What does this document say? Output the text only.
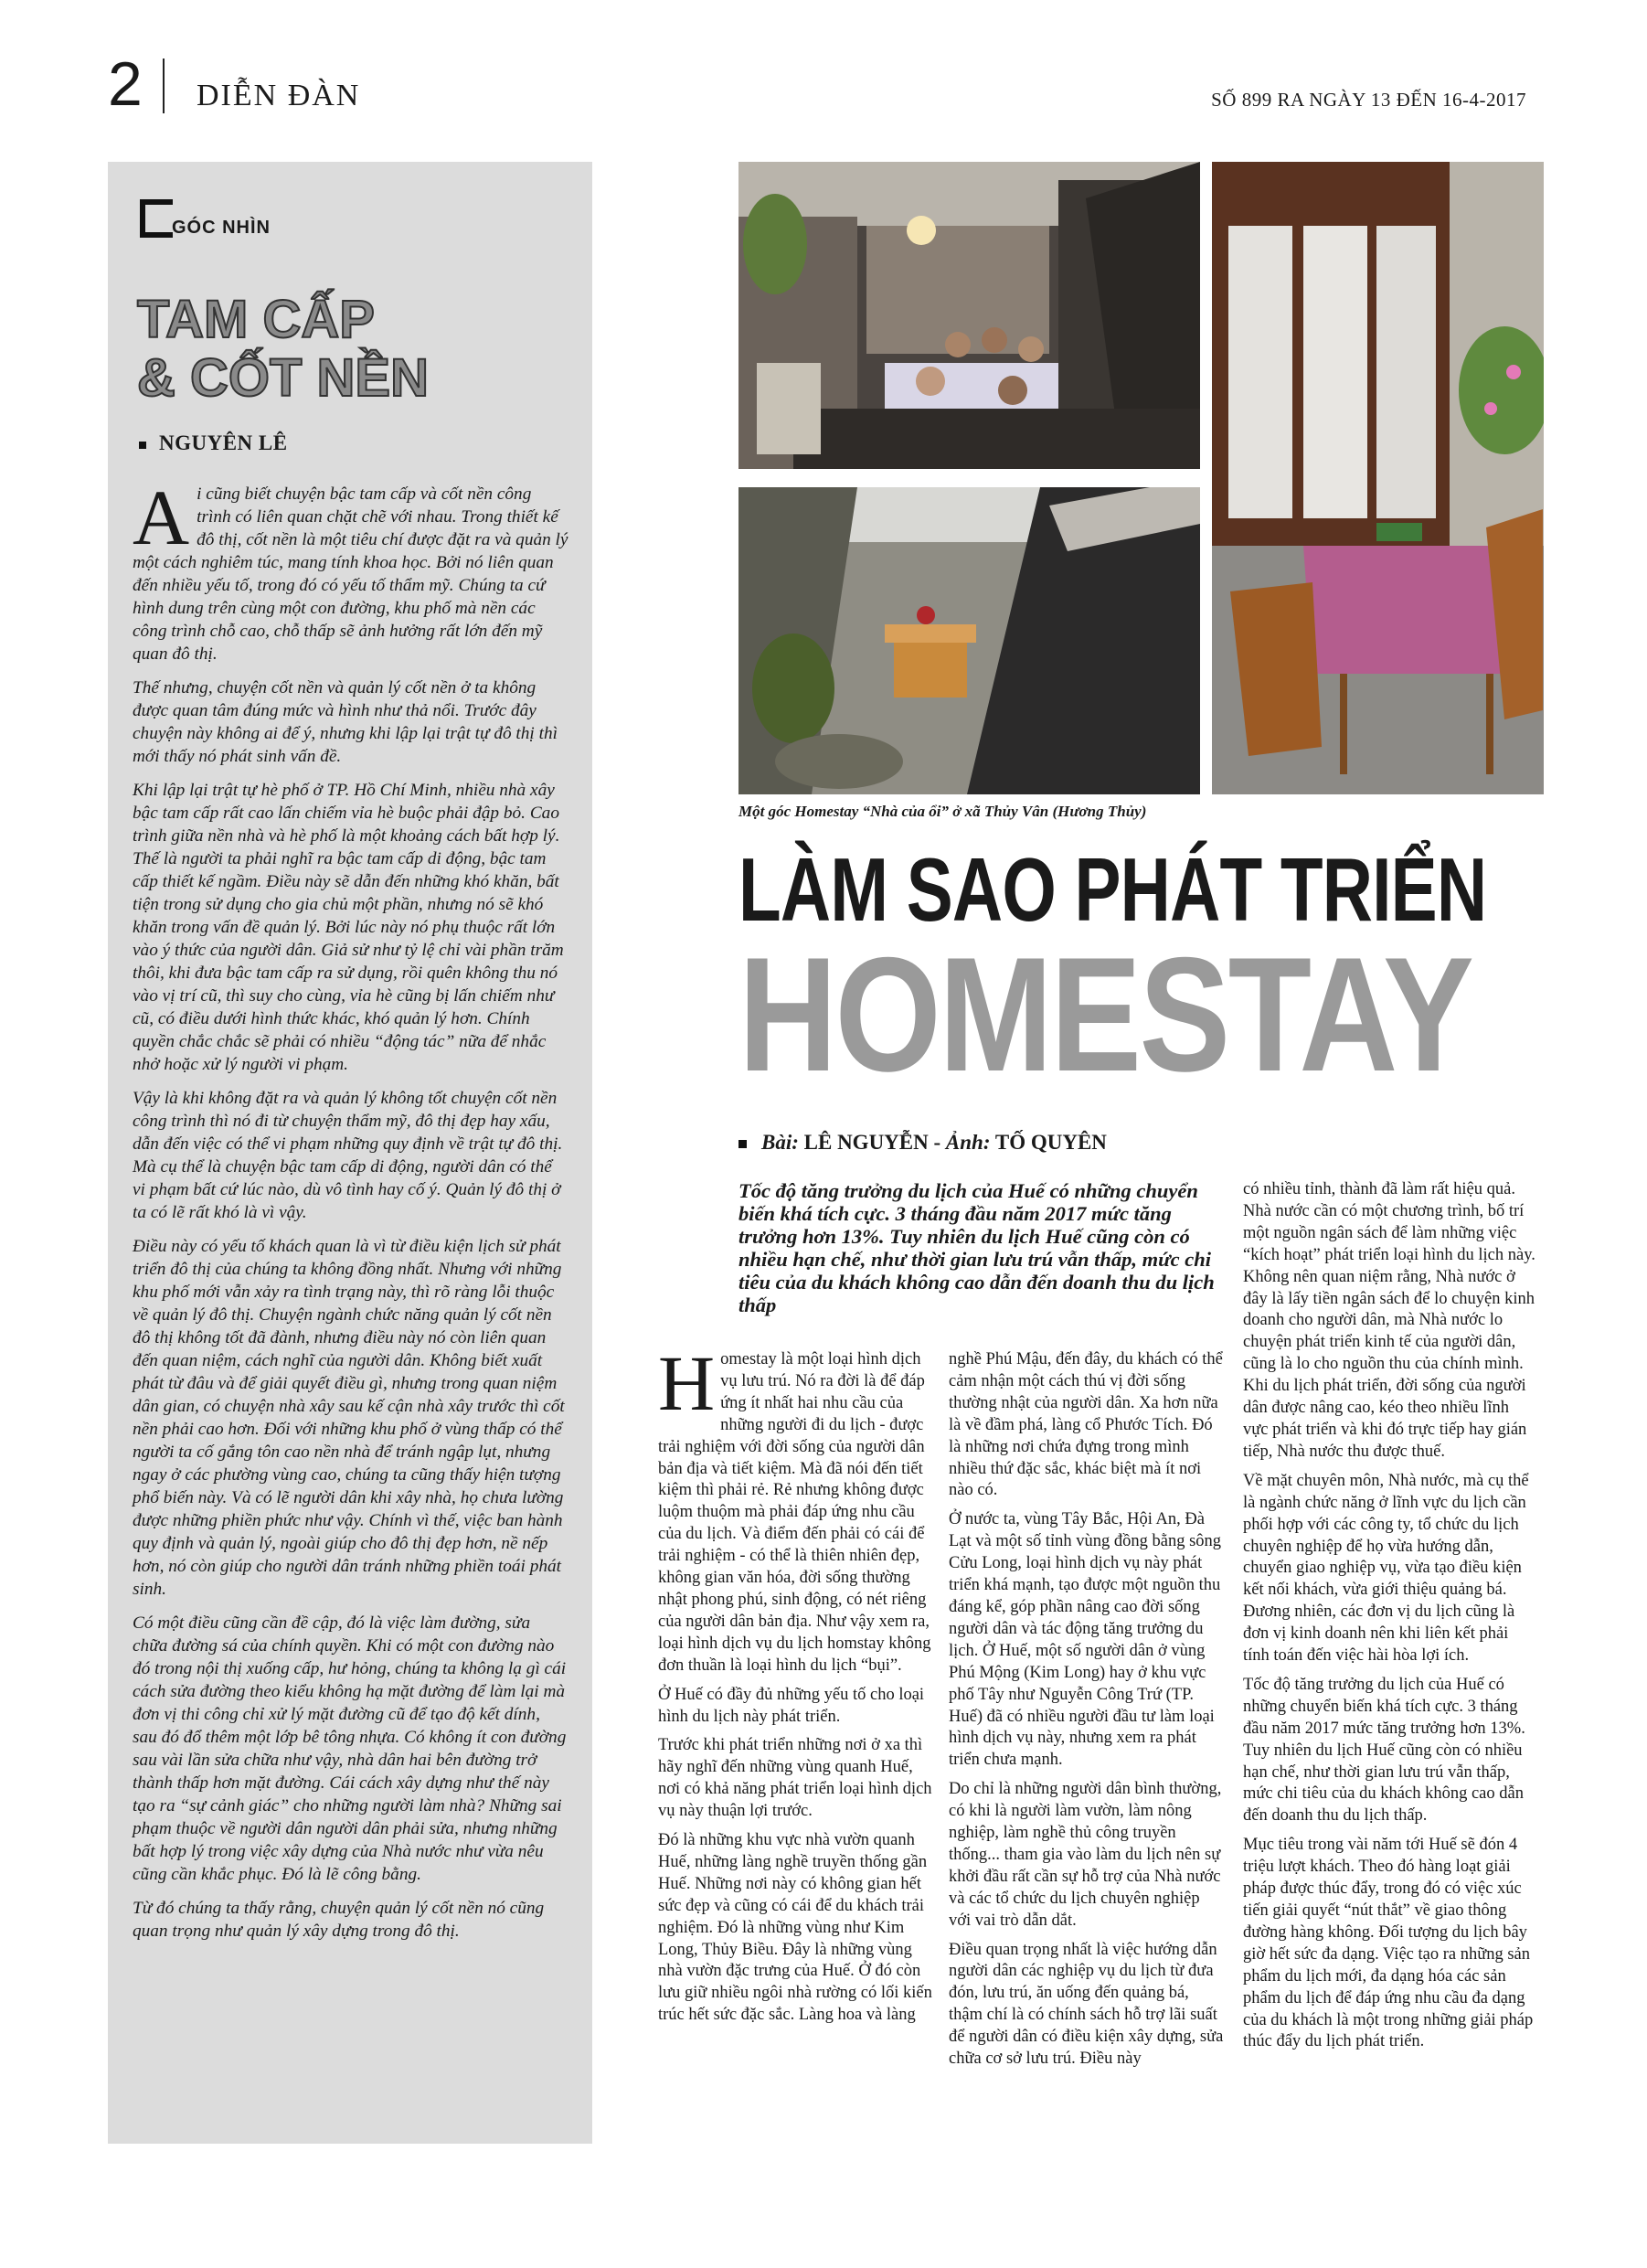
2 DIỄN ĐÀN	SỐ 899 RA NGÀY 13 ĐẾN 16-4-2017
GÓC NHÌN
TAM CẤP
& CỐT NỀN
NGUYÊN LÊ

Ai cũng biết chuyện bậc tam cấp và cốt nền công trình có liên quan chặt chẽ với nhau. Trong thiết kế đô thị, cốt nền là một tiêu chí được đặt ra và quản lý một cách nghiêm túc, mang tính khoa học. Bởi nó liên quan đến nhiều yếu tố, trong đó có yếu tố thẩm mỹ. Chúng ta cứ hình dung trên cùng một con đường, khu phố mà nền các công trình chỗ cao, chỗ thấp sẽ ảnh hưởng rất lớn đến mỹ quan đô thị.

Thế nhưng, chuyện cốt nền và quản lý cốt nền ở ta không được quan tâm đúng mức và hình như thả nổi. Trước đây chuyện này không ai để ý, nhưng khi lập lại trật tự đô thị thì mới thấy nó phát sinh vấn đề.

Khi lập lại trật tự hè phố ở TP. Hồ Chí Minh, nhiều nhà xây bậc tam cấp rất cao lấn chiếm vỉa hè buộc phải đập bỏ. Cao trình giữa nền nhà và hè phố là một khoảng cách bất hợp lý. Thế là người ta phải nghĩ ra bậc tam cấp di động, bậc tam cấp thiết kế ngầm. Điều này sẽ dẫn đến những khó khăn, bất tiện trong sử dụng cho gia chủ một phần, nhưng nó sẽ khó khăn trong vấn đề quản lý. Bởi lúc này nó phụ thuộc rất lớn vào ý thức của người dân. Giả sử như tỷ lệ chỉ vài phần trăm thôi, khi đưa bậc tam cấp ra sử dụng, rồi quên không thu nó vào vị trí cũ, thì suy cho cùng, vỉa hè cũng bị lấn chiếm như cũ, có điều dưới hình thức khác, khó quản lý hơn. Chính quyền chắc chắc sẽ phải có nhiều “động tác” nữa để nhắc nhở hoặc xử lý người vi phạm.

Vậy là khi không đặt ra và quản lý không tốt chuyện cốt nền công trình thì nó đi từ chuyện thẩm mỹ, đô thị đẹp hay xấu, dẫn đến việc có thể vi phạm những quy định về trật tự đô thị. Mà cụ thể là chuyện bậc tam cấp di động, người dân có thể vi phạm bất cứ lúc nào, dù vô tình hay cố ý. Quản lý đô thị ở ta có lẽ rất khó là vì vậy.

Điều này có yếu tố khách quan là vì từ điều kiện lịch sử phát triển đô thị của chúng ta không đồng nhất. Nhưng với những khu phố mới vẫn xảy ra tình trạng này, thì rõ ràng lỗi thuộc về quản lý đô thị. Chuyện ngành chức năng quản lý cốt nền đô thị không tốt đã đành, nhưng điều này nó còn liên quan đến quan niệm, cách nghĩ của người dân. Không biết xuất phát từ đâu và để giải quyết điều gì, nhưng trong quan niệm dân gian, có chuyện nhà xây sau kế cận nhà xây trước thì cốt nền phải cao hơn. Đối với những khu phố ở vùng thấp có thể người ta cố gắng tôn cao nền nhà để tránh ngập lụt, nhưng ngay ở các phường vùng cao, chúng ta cũng thấy hiện tượng phổ biến này. Và có lẽ người dân khi xây nhà, họ chưa lường được những phiền phức như vậy. Chính vì thế, việc ban hành quy định và quản lý, ngoài giúp cho đô thị đẹp hơn, nề nếp hơn, nó còn giúp cho người dân tránh những phiền toái phát sinh.

Có một điều cũng cần đề cập, đó là việc làm đường, sửa chữa đường sá của chính quyền. Khi có một con đường nào đó trong nội thị xuống cấp, hư hỏng, chúng ta không lạ gì cái cách sửa đường theo kiểu không hạ mặt đường để làm lại mà đơn vị thi công chỉ xử lý mặt đường cũ để tạo độ kết dính, sau đó đổ thêm một lớp bê tông nhựa. Có không ít con đường sau vài lần sửa chữa như vậy, nhà dân hai bên đường trở thành thấp hơn mặt đường. Cái cách xây dựng như thế này tạo ra “sự cảnh giác” cho những người làm nhà? Những sai phạm thuộc về người dân người dân phải sửa, nhưng những bất hợp lý trong việc xây dựng của Nhà nước như vừa nêu cũng cần khắc phục. Đó là lẽ công bằng.

Từ đó chúng ta thấy rằng, chuyện quản lý cốt nền nó cũng quan trọng như quản lý xây dựng trong đô thị.

Một góc Homestay “Nhà của ổi” ở xã Thủy Vân (Hương Thủy)
LÀM SAO PHÁT TRIỂN
HOMESTAY
Bài: LÊ NGUYỄN - Ảnh: TỐ QUYÊN
Tốc độ tăng trưởng du lịch của Huế có những chuyển biến khá tích cực. 3 tháng đầu năm 2017 mức tăng trưởng hơn 13%. Tuy nhiên du lịch Huế cũng còn có nhiều hạn chế, như thời gian lưu trú vẫn thấp, mức chi tiêu của du khách không cao dẫn đến doanh thu du lịch thấp

Homestay là một loại hình dịch vụ lưu trú. Nó ra đời là để đáp ứng ít nhất hai nhu cầu của những người đi du lịch - được trải nghiệm với đời sống của người dân bản địa và tiết kiệm. Mà đã nói đến tiết kiệm thì phải rẻ. Rẻ nhưng không được luộm thuộm mà phải đáp ứng nhu cầu của du lịch. Và điểm đến phải có cái để trải nghiệm - có thể là thiên nhiên đẹp, không gian văn hóa, đời sống thường nhật phong phú, sinh động, có nét riêng của người dân bản địa. Như vậy xem ra, loại hình dịch vụ du lịch homstay không đơn thuần là loại hình du lịch “bụi”.

Ở Huế có đầy đủ những yếu tố cho loại hình du lịch này phát triển.

Trước khi phát triển những nơi ở xa thì hãy nghĩ đến những vùng quanh Huế, nơi có khả năng phát triển loại hình dịch vụ này thuận lợi trước.

Đó là những khu vực nhà vườn quanh Huế, những làng nghề truyền thống gần Huế. Những nơi này có không gian hết sức đẹp và cũng có cái để du khách trải nghiệm. Đó là những vùng như Kim Long, Thủy Biều. Đây là những vùng nhà vườn đặc trưng của Huế. Ở đó còn lưu giữ nhiều ngôi nhà rường có lối kiến trúc hết sức đặc sắc. Làng hoa và làng

nghề Phú Mậu, đến đây, du khách có thể cảm nhận một cách thú vị đời sống thường nhật của người dân. Xa hơn nữa là về đầm phá, làng cổ Phước Tích. Đó là những nơi chứa đựng trong mình nhiều thứ đặc sắc, khác biệt mà ít nơi nào có.

Ở nước ta, vùng Tây Bắc, Hội An, Đà Lạt và một số tỉnh vùng đồng bằng sông Cửu Long, loại hình dịch vụ này phát triển khá mạnh, tạo được một nguồn thu đáng kể, góp phần nâng cao đời sống người dân và tác động tăng trưởng du lịch. Ở Huế, một số người dân ở vùng Phú Mộng (Kim Long) hay ở khu vực phố Tây như Nguyễn Công Trứ (TP. Huế) đã có nhiều người đầu tư làm loại hình dịch vụ này, nhưng xem ra phát triển chưa mạnh.

Do chỉ là những người dân bình thường, có khi là người làm vườn, làm nông nghiệp, làm nghề thủ công truyền thống... tham gia vào làm du lịch nên sự khởi đầu rất cần sự hỗ trợ của Nhà nước và các tổ chức du lịch chuyên nghiệp với vai trò dẫn dắt.

Điều quan trọng nhất là việc hướng dẫn người dân các nghiệp vụ du lịch từ đưa đón, lưu trú, ăn uống đến quảng bá, thậm chí là có chính sách hỗ trợ lãi suất để người dân có điều kiện xây dựng, sửa chữa cơ sở lưu trú. Điều này

có nhiều tỉnh, thành đã làm rất hiệu quả. Nhà nước cần có một chương trình, bố trí một nguồn ngân sách để làm những việc “kích hoạt” phát triển loại hình du lịch này. Không nên quan niệm rằng, Nhà nước ở đây là lấy tiền ngân sách để lo chuyện kinh doanh cho người dân, mà Nhà nước lo chuyện phát triển kinh tế của người dân, cũng là lo cho nguồn thu của chính mình. Khi du lịch phát triển, đời sống của người dân được nâng cao, kéo theo nhiều lĩnh vực phát triển và khi đó trực tiếp hay gián tiếp, Nhà nước thu được thuế.

Về mặt chuyên môn, Nhà nước, mà cụ thể là ngành chức năng ở lĩnh vực du lịch cần phối hợp với các công ty, tổ chức du lịch chuyên nghiệp để họ vừa hướng dẫn, chuyển giao nghiệp vụ, vừa tạo điều kiện kết nối khách, vừa giới thiệu quảng bá. Đương nhiên, các đơn vị du lịch cũng là đơn vị kinh doanh nên khi liên kết phải tính toán đến việc hài hòa lợi ích.

Tốc độ tăng trưởng du lịch của Huế có những chuyển biến khá tích cực. 3 tháng đầu năm 2017 mức tăng trưởng hơn 13%. Tuy nhiên du lịch Huế cũng còn có nhiều hạn chế, như thời gian lưu trú vẫn thấp, mức chi tiêu của du khách không cao dẫn đến doanh thu du lịch thấp.

Mục tiêu trong vài năm tới Huế sẽ đón 4 triệu lượt khách. Theo đó hàng loạt giải pháp được thúc đẩy, trong đó có việc xúc tiến giải quyết “nút thắt” về giao thông đường hàng không. Đối tượng du lịch bây giờ hết sức đa dạng. Việc tạo ra những sản phẩm du lịch mới, đa dạng hóa các sản phẩm du lịch để đáp ứng nhu cầu đa dạng của du khách là một trong những giải pháp thúc đẩy du lịch phát triển.
